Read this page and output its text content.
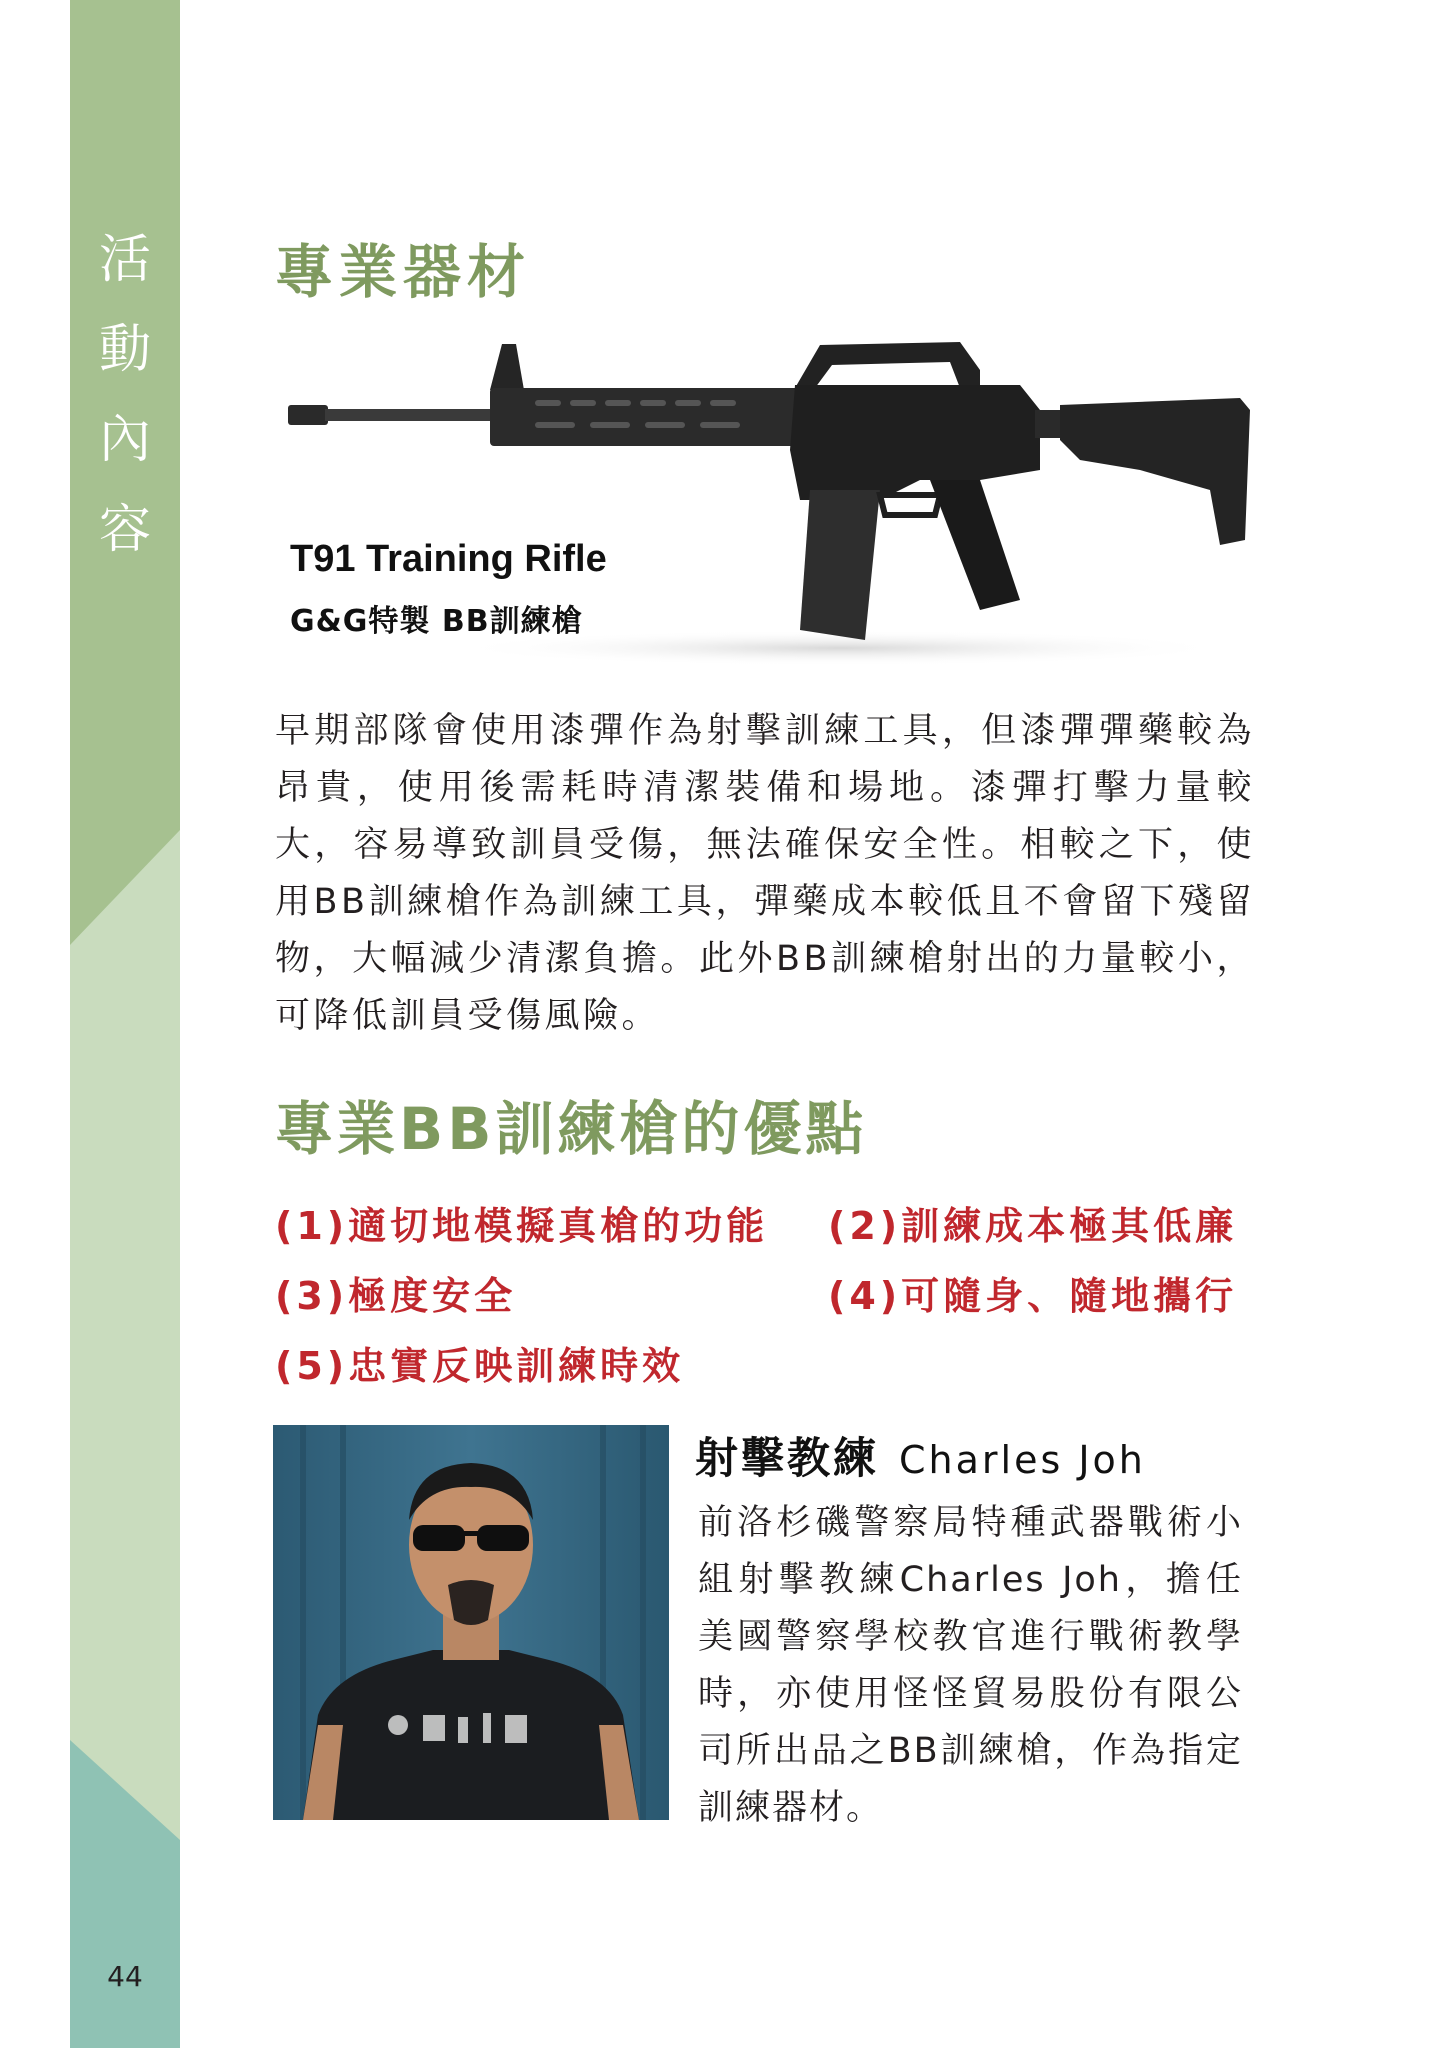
活
動
內
容
44
專業器材
T91 Training Rifle
G&G特製 BB訓練槍
早期部隊會使用漆彈作為射擊訓練工具，但漆彈彈藥較為昂貴，使用後需耗時清潔裝備和場地。漆彈打擊力量較大，容易導致訓員受傷，無法確保安全性。相較之下，使用BB訓練槍作為訓練工具，彈藥成本較低且不會留下殘留物，大幅減少清潔負擔。此外BB訓練槍射出的力量較小，可降低訓員受傷風險。
專業BB訓練槍的優點
(1)適切地模擬真槍的功能 (2)訓練成本極其低廉
(3)極度安全	(4)可隨身、隨地攜行
(5)忠實反映訓練時效
射擊教練 Charles Joh
前洛杉磯警察局特種武器戰術小組射擊教練Charles Joh，擔任美國警察學校教官進行戰術教學時，亦使用怪怪貿易股份有限公司所出品之BB訓練槍，作為指定訓練器材。
